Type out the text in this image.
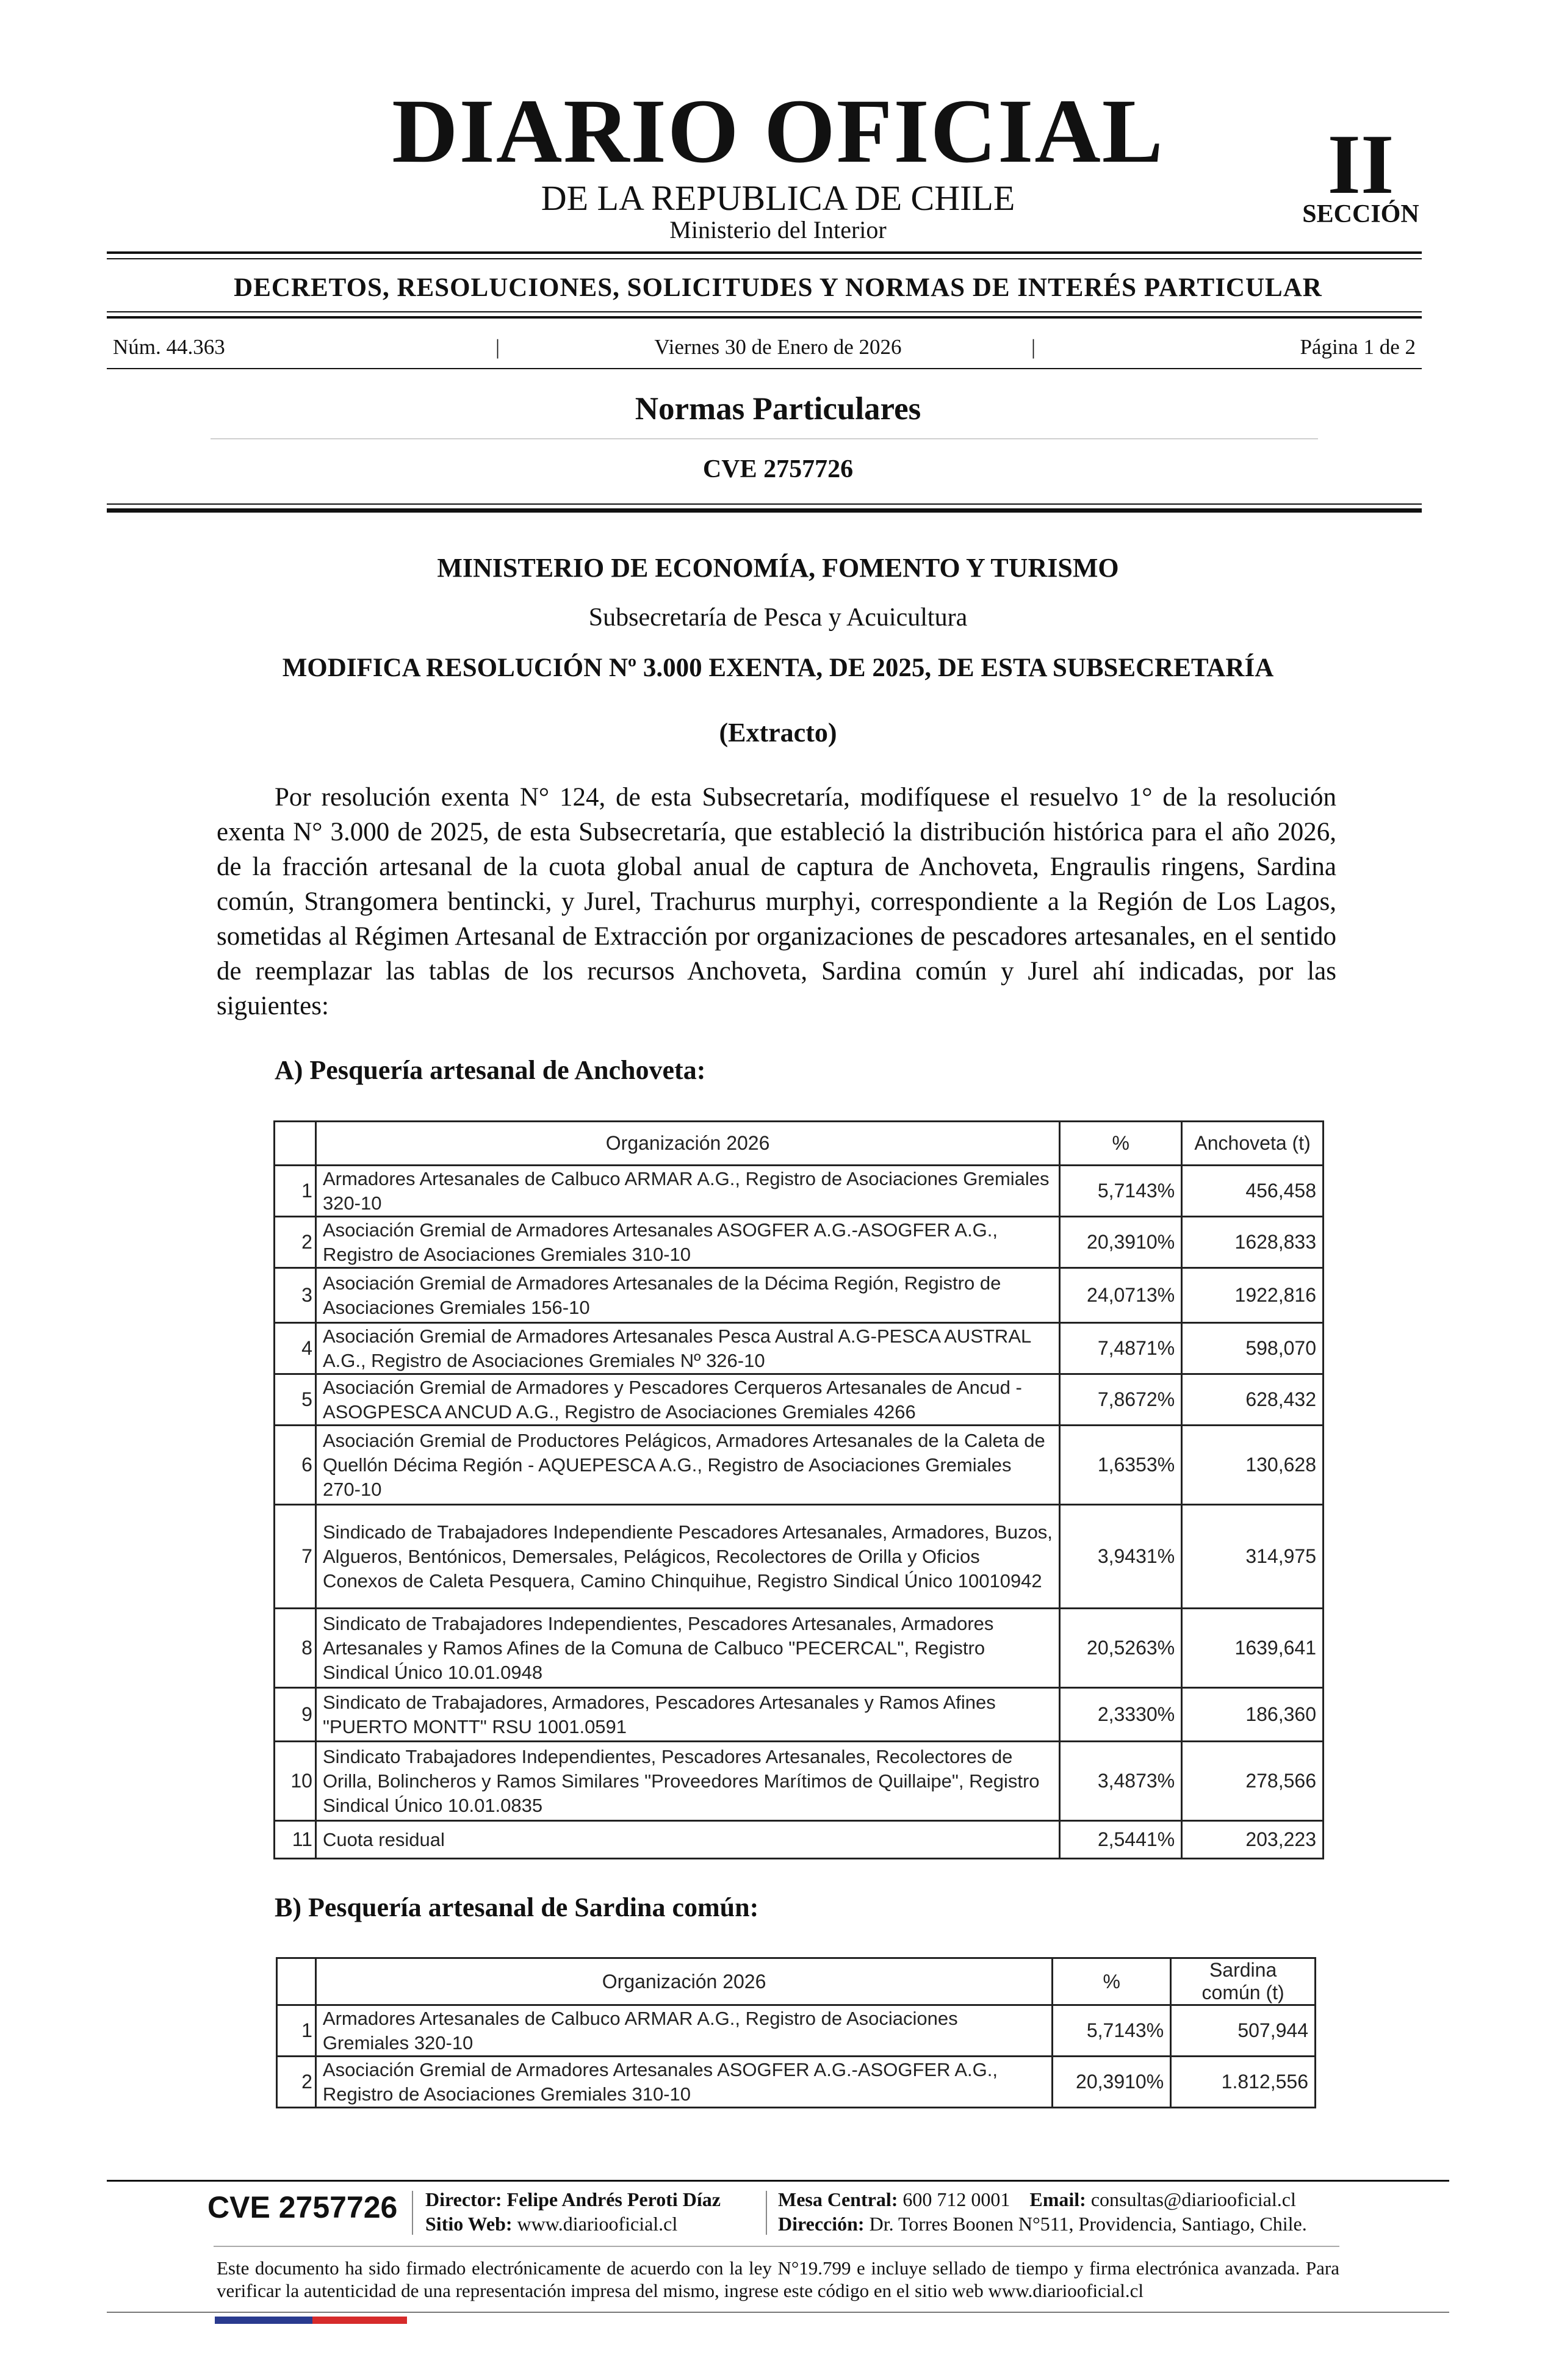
DIARIO OFICIAL
DE LA REPUBLICA DE CHILE
Ministerio del Interior
II
SECCIÓN
DECRETOS, RESOLUCIONES, SOLICITUDES Y NORMAS DE INTERÉS PARTICULAR
Núm. 44.363	|	Viernes 30 de Enero de 2026	|	Página 1 de 2
Normas Particulares
CVE 2757726
MINISTERIO DE ECONOMÍA, FOMENTO Y TURISMO
Subsecretaría de Pesca y Acuicultura
MODIFICA RESOLUCIÓN Nº 3.000 EXENTA, DE 2025, DE ESTA SUBSECRETARÍA
(Extracto)
Por resolución exenta N° 124, de esta Subsecretaría, modifíquese el resuelvo 1° de la resolución exenta N° 3.000 de 2025, de esta Subsecretaría, que estableció la distribución histórica para el año 2026, de la fracción artesanal de la cuota global anual de captura de Anchoveta, Engraulis ringens, Sardina común, Strangomera bentincki, y Jurel, Trachurus murphyi, correspondiente a la Región de Los Lagos, sometidas al Régimen Artesanal de Extracción por organizaciones de pescadores artesanales, en el sentido de reemplazar las tablas de los recursos Anchoveta, Sardina común y Jurel ahí indicadas, por las siguientes:
A) Pesquería artesanal de Anchoveta:
	Organización 2026	%	Anchoveta (t)
1	Armadores Artesanales de Calbuco ARMAR A.G., Registro de Asociaciones Gremiales 320-10	5,7143%	456,458
2	Asociación Gremial de Armadores Artesanales ASOGFER A.G.-ASOGFER A.G., Registro de Asociaciones Gremiales 310-10	20,3910%	1628,833
3	Asociación Gremial de Armadores Artesanales de la Décima Región, Registro de Asociaciones Gremiales 156-10	24,0713%	1922,816
4	Asociación Gremial de Armadores Artesanales Pesca Austral A.G-PESCA AUSTRAL A.G., Registro de Asociaciones Gremiales Nº 326-10	7,4871%	598,070
5	Asociación Gremial de Armadores y Pescadores Cerqueros Artesanales de Ancud - ASOGPESCA ANCUD A.G., Registro de Asociaciones Gremiales 4266	7,8672%	628,432
6	Asociación Gremial de Productores Pelágicos, Armadores Artesanales de la Caleta de Quellón Décima Región - AQUEPESCA A.G., Registro de Asociaciones Gremiales 270-10	1,6353%	130,628
7	Sindicado de Trabajadores Independiente Pescadores Artesanales, Armadores, Buzos, Algueros, Bentónicos, Demersales, Pelágicos, Recolectores de Orilla y Oficios Conexos de Caleta Pesquera, Camino Chinquihue, Registro Sindical Único 10010942	3,9431%	314,975
8	Sindicato de Trabajadores Independientes, Pescadores Artesanales, Armadores Artesanales y Ramos Afines de la Comuna de Calbuco "PECERCAL", Registro Sindical Único 10.01.0948	20,5263%	1639,641
9	Sindicato de Trabajadores, Armadores, Pescadores Artesanales y Ramos Afines "PUERTO MONTT" RSU 1001.0591	2,3330%	186,360
10	Sindicato Trabajadores Independientes, Pescadores Artesanales, Recolectores de Orilla, Bolincheros y Ramos Similares "Proveedores Marítimos de Quillaipe", Registro Sindical Único 10.01.0835	3,4873%	278,566
11	Cuota residual	2,5441%	203,223
B) Pesquería artesanal de Sardina común:
	Organización 2026	%	Sardina común (t)
1	Armadores Artesanales de Calbuco ARMAR A.G., Registro de Asociaciones Gremiales 320-10	5,7143%	507,944
2	Asociación Gremial de Armadores Artesanales ASOGFER A.G.-ASOGFER A.G., Registro de Asociaciones Gremiales 310-10	20,3910%	1.812,556
CVE 2757726 Director: Felipe Andrés Peroti Díaz
Sitio Web: www.diariooficial.cl
Mesa Central: 600 712 0001 Email: consultas@diariooficial.cl
Dirección: Dr. Torres Boonen N°511, Providencia, Santiago, Chile.
Este documento ha sido firmado electrónicamente de acuerdo con la ley N°19.799 e incluye sellado de tiempo y firma electrónica avanzada. Para verificar la autenticidad de una representación impresa del mismo, ingrese este código en el sitio web www.diariooficial.cl
